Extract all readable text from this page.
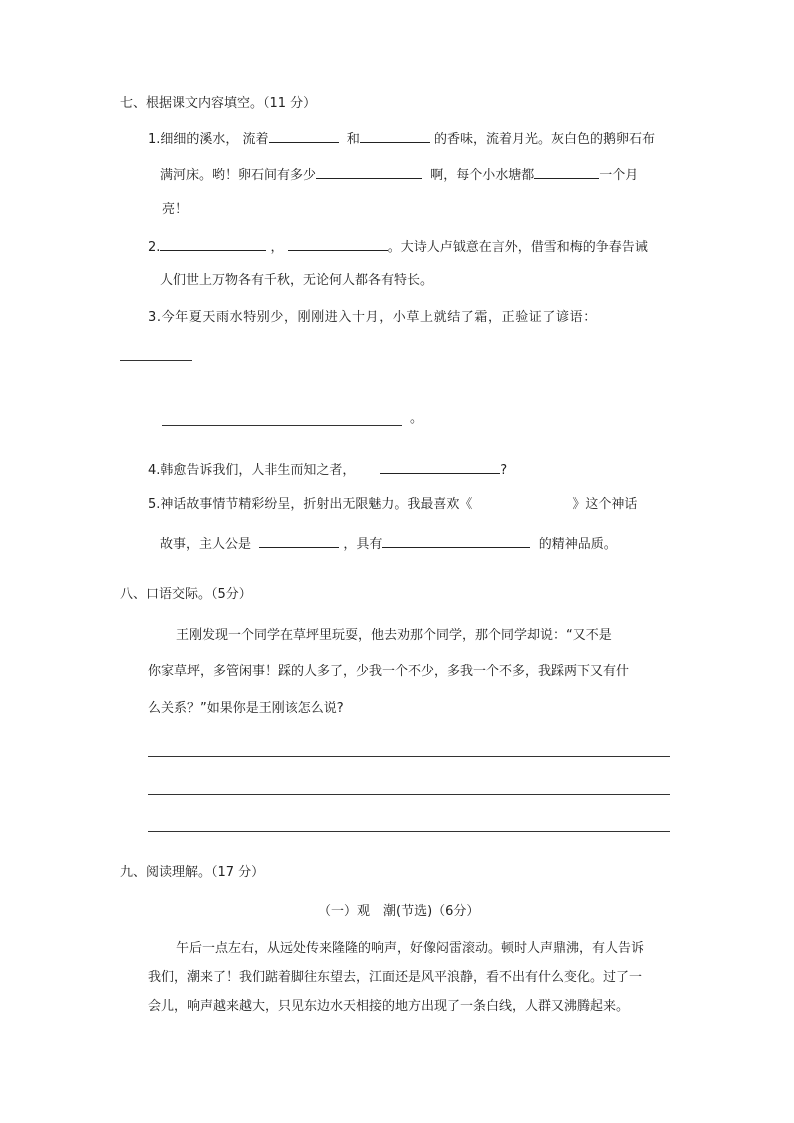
七、根据课文内容填空。（11 分）
1.细细的溪水， 流着	和	的香味，流着月光。灰白色的鹅卵石布
满河床。哟！卵石间有多少	啊，每个小水塘都	一个月
亮！
2.	，	。大诗人卢钺意在言外，借雪和梅的争春告诫
人们世上万物各有千秋，无论何人都各有特长。
3.今年夏天雨水特别少，刚刚进入十月，小草上就结了霜，正验证了谚语：
。
4.韩愈告诉我们，人非生而知之者，	?
5.神话故事情节精彩纷呈，折射出无限魅力。我最喜欢《	》这个神话
故事，主人公是	，具有	的精神品质。
八、口语交际。（5分）
王刚发现一个同学在草坪里玩耍，他去劝那个同学，那个同学却说：“又不是
你家草坪，多管闲事！踩的人多了，少我一个不少，多我一个不多，我踩两下又有什
么关系？”如果你是王刚该怎么说?
九、阅读理解。（17 分）
（一）观　潮(节选)（6分）
午后一点左右，从远处传来隆隆的响声，好像闷雷滚动。顿时人声鼎沸，有人告诉
我们，潮来了！我们踮着脚往东望去，江面还是风平浪静，看不出有什么变化。过了一
会儿，响声越来越大，只见东边水天相接的地方出现了一条白线，人群又沸腾起来。
